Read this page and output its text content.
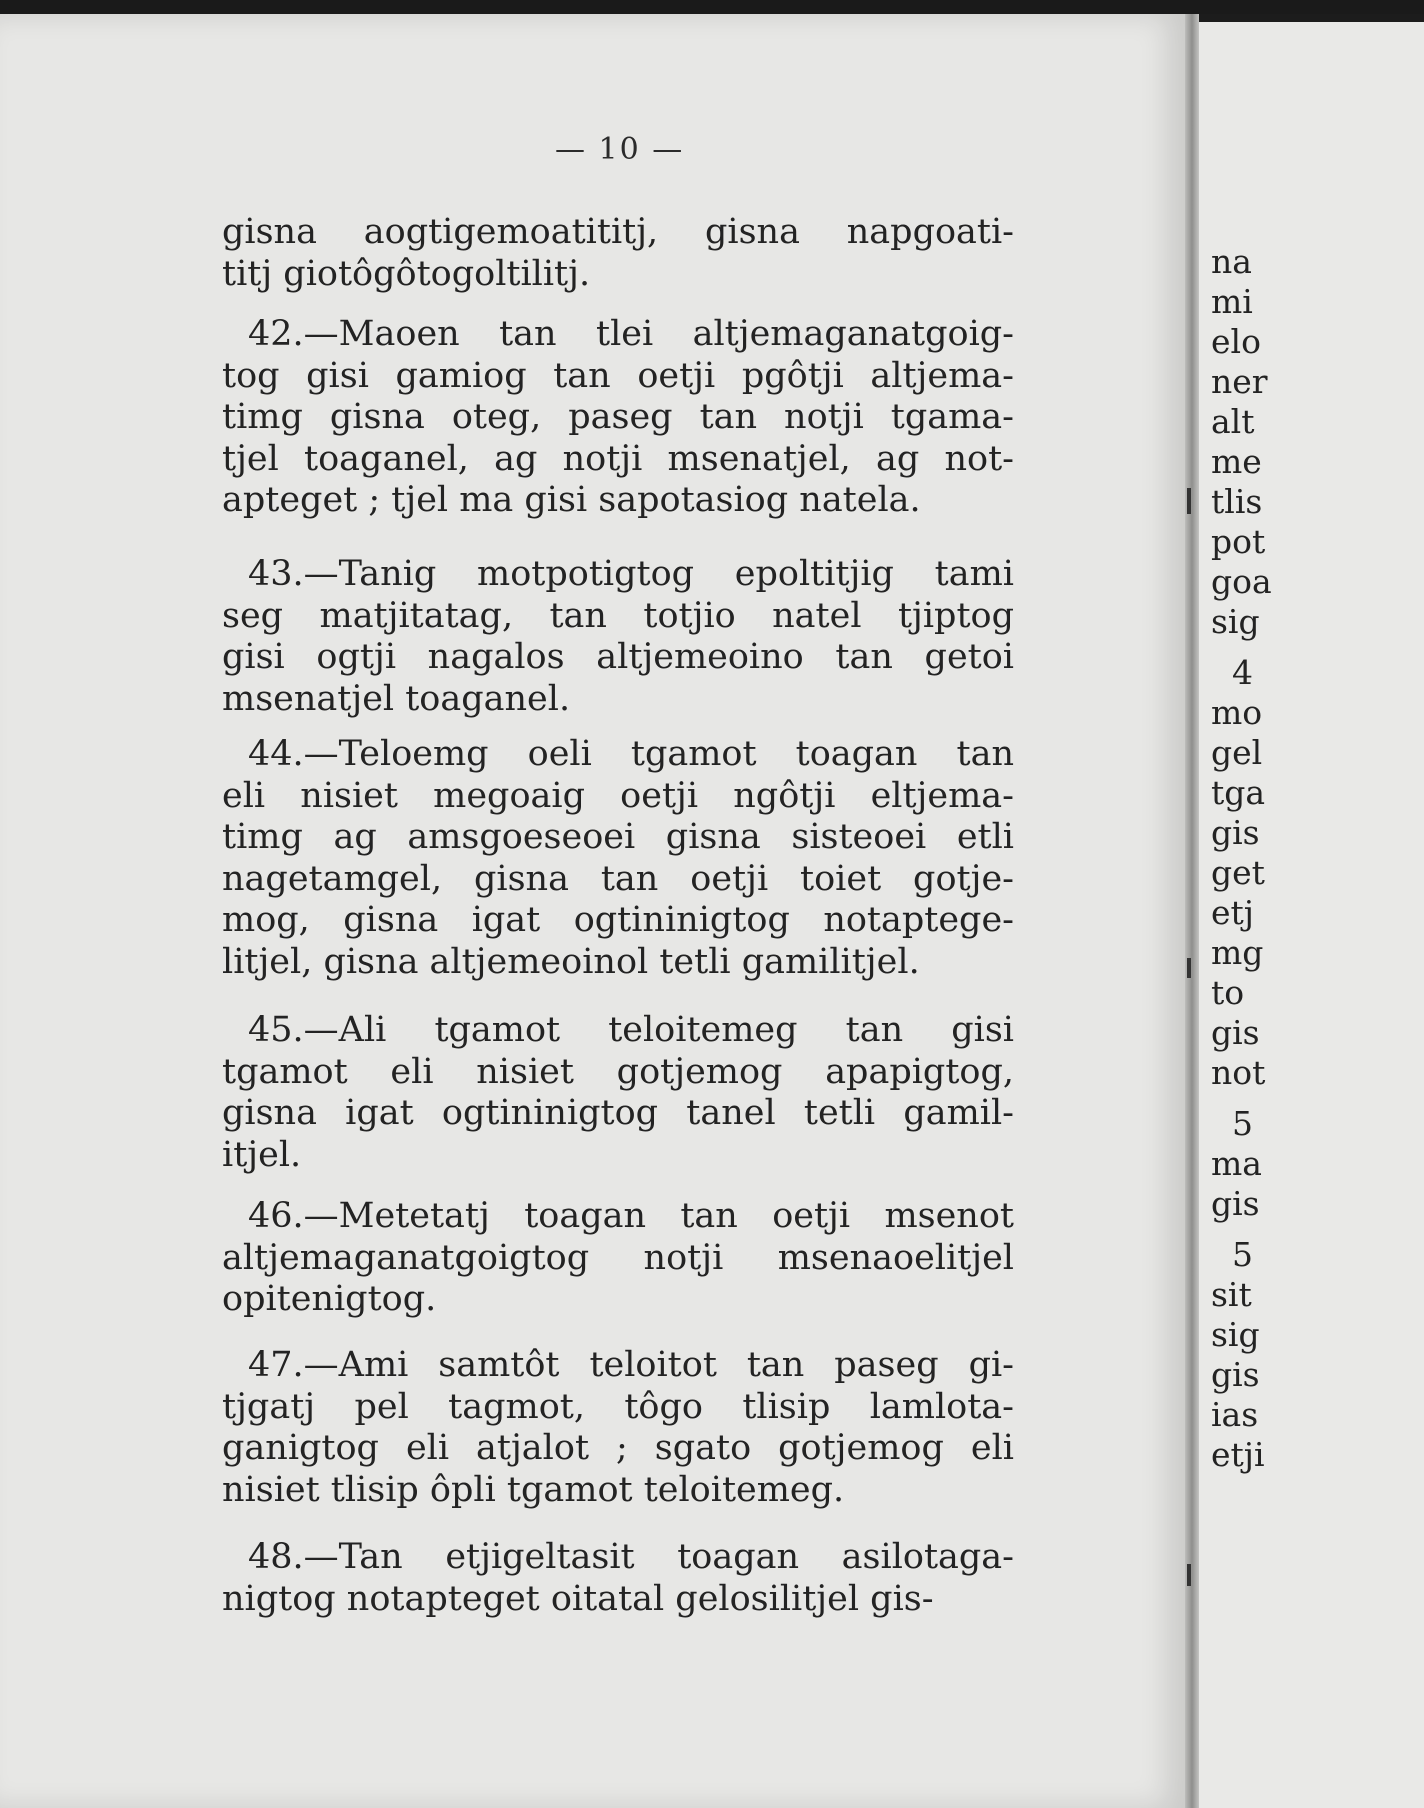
— 10 —

gisna aogtigemoatititj, gisna napgoati-
titj giotôgôtogoltilitj.

42.—Maoen tan tlei altjemaganatgoig-
tog gisi gamiog tan oetji pgôtji altjema-
timg gisna oteg, paseg tan notji tgama-
tjel toaganel, ag notji msenatjel, ag not-
apteget ; tjel ma gisi sapotasiog natela.

43.—Tanig motpotigtog epoltitjig tami
seg matjitatag, tan totjio natel tjiptog
gisi ogtji nagalos altjemeoino tan getoi
msenatjel toaganel.

44.—Teloemg oeli tgamot toagan tan
eli nisiet megoaig oetji ngôtji eltjema-
timg ag amsgoeseoei gisna sisteoei etli
nagetamgel, gisna tan oetji toiet gotje-
mog, gisna igat ogtininigtog notaptege-
litjel, gisna altjemeoinol tetli gamilitjel.

45.—Ali tgamot teloitemeg tan gisi
tgamot eli nisiet gotjemog apapigtog,
gisna igat ogtininigtog tanel tetli gamil-
itjel.

46.—Metetatj toagan tan oetji msenot
altjemaganatgoigtog notji msenaoelitjel
opitenigtog.

47.—Ami samtôt teloitot tan paseg gi-
tjgatj pel tagmot, tôgo tlisip lamlota-
ganigtog eli atjalot ; sgato gotjemog eli
nisiet tlisip ôpli tgamot teloitemeg.

48.—Tan etjigeltasit toagan asilotaga-
nigtog notapteget oitatal gelosilitjel gis-

na
mi
elo
ner
alt
me
tlis
pot
goa
sig
4
mo
gel
tga
gis
get
etj
mg
to
gis
not
5
ma
gis
5
sit
sig
gis
ias
etji
